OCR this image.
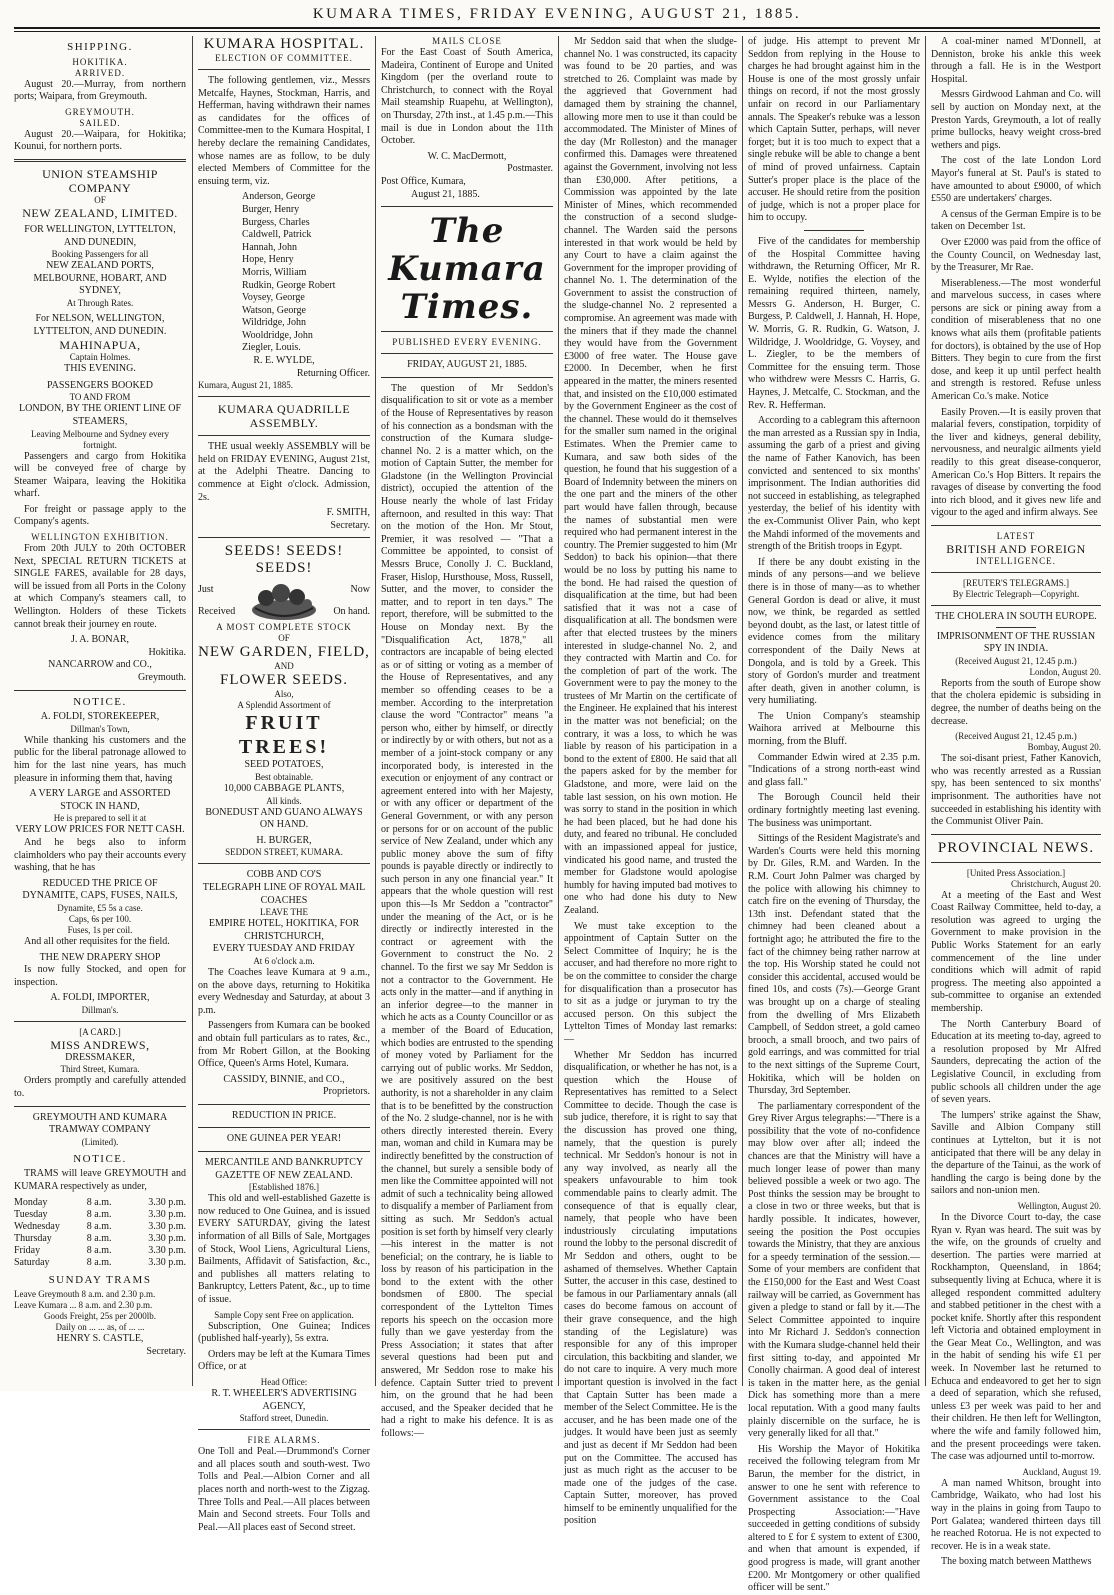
KUMARA TIMES, FRIDAY EVENING, AUGUST 21, 1885.
SHIPPING.
HOKITIKA.
ARRIVED.

August 20.—Murray, from northern ports; Waipara, from Greymouth.

GREYMOUTH.
SAILED.

August 20.—Waipara, for Hokitika; Kounui, for northern ports.

UNION STEAMSHIP COMPANY
OF
NEW ZEALAND, LIMITED.
FOR WELLINGTON, LYTTELTON, AND DUNEDIN,
Booking Passengers for all
NEW ZEALAND PORTS, MELBOURNE, HOBART, AND SYDNEY,
At Through Rates.
For NELSON, WELLINGTON, LYTTELTON, AND DUNEDIN.
MAHINAPUA,
Captain Holmes.
THIS EVENING.
PASSENGERS BOOKED
TO AND FROM
LONDON, BY THE ORIENT LINE OF STEAMERS,
Leaving Melbourne and Sydney every fortnight.

Passengers and cargo from Hokitika will be conveyed free of charge by Steamer Waipara, leaving the Hokitika wharf.

For freight or passage apply to the Company's agents.

WELLINGTON EXHIBITION.

From 20th JULY to 20th OCTOBER Next, SPECIAL RETURN TICKETS at SINGLE FARES, available for 28 days, will be issued from all Ports in the Colony at which Company's steamers call, to Wellington. Holders of these Tickets cannot break their journey en route.

J. A. BONAR,
Hokitika.
NANCARROW and CO.,
Greymouth.
NOTICE.
A. FOLDI, STOREKEEPER,
Dillman's Town,

While thanking his customers and the public for the liberal patronage allowed to him for the last nine years, has much pleasure in informing them that, having

A VERY LARGE and ASSORTED STOCK IN HAND,
He is prepared to sell it at
VERY LOW PRICES FOR NETT CASH.

And he begs also to inform claimholders who pay their accounts every washing, that he has

REDUCED THE PRICE OF DYNAMITE, CAPS, FUSES, NAILS,
Dynamite, £5 5s a case.
Caps, 6s per 100.
Fuses, 1s per coil.

And all other requisites for the field.

THE NEW DRAPERY SHOP

Is now fully Stocked, and open for inspection.

A. FOLDI, IMPORTER,
Dillman's.
[A CARD.]
MISS ANDREWS,
DRESSMAKER,
Third Street, Kumara.

Orders promptly and carefully attended to.

GREYMOUTH AND KUMARA TRAMWAY COMPANY
(Limited).
NOTICE.

TRAMS will leave GREYMOUTH and KUMARA respectively as under,

Monday	8 a.m.	3.30 p.m.
Tuesday	8 a.m.	3.30 p.m.
Wednesday	8 a.m.	3.30 p.m.
Thursday	8 a.m.	3.30 p.m.
Friday	8 a.m.	3.30 p.m.
Saturday	8 a.m.	3.30 p.m.
SUNDAY TRAMS
Leave Greymouth 8 a.m. and 2.30 p.m.
Leave Kumara ... 8 a.m. and 2.30 p.m.
Goods Freight, 25s per 2000lb.
Daily on ... ... as, of ... ...
HENRY S. CASTLE,
Secretary.
KUMARA HOSPITAL.
ELECTION OF COMMITTEE.

The following gentlemen, viz., Messrs Metcalfe, Haynes, Stockman, Harris, and Hefferman, having withdrawn their names as candidates for the offices of Committee-men to the Kumara Hospital, I hereby declare the remaining Candidates, whose names are as follow, to be duly elected Members of Committee for the ensuing term, viz.

Anderson, George
Burger, Henry
Burgess, Charles
Caldwell, Patrick
Hannah, John
Hope, Henry
Morris, William
Rudkin, George Robert
Voysey, George
Watson, George
Wildridge, John
Wooldridge, John
Ziegler, Louis.
R. E. WYLDE,
Returning Officer.
Kumara, August 21, 1885.
KUMARA QUADRILLE ASSEMBLY.

THE usual weekly ASSEMBLY will be held on FRIDAY EVENING, August 21st, at the Adelphi Theatre. Dancing to commence at Eight o'clock. Admission, 2s.

F. SMITH,
Secretary.
SEEDS! SEEDS! SEEDS!
Just
Received
Now
On hand.
A MOST COMPLETE STOCK
OF
NEW GARDEN, FIELD,
AND
FLOWER SEEDS.
Also,
A Splendid Assortment of
FRUIT TREES!
SEED POTATOES,
Best obtainable.
10,000 CABBAGE PLANTS,
All kinds.
BONEDUST AND GUANO ALWAYS ON HAND.
H. BURGER,
SEDDON STREET, KUMARA.
COBB AND CO'S
TELEGRAPH LINE OF ROYAL MAIL COACHES
LEAVE THE
EMPIRE HOTEL, HOKITIKA, FOR CHRISTCHURCH,
EVERY TUESDAY AND FRIDAY
At 6 o'clock a.m.

The Coaches leave Kumara at 9 a.m., on the above days, returning to Hokitika every Wednesday and Saturday, at about 3 p.m.

Passengers from Kumara can be booked and obtain full particulars as to rates, &c., from Mr Robert Gillon, at the Booking Office, Queen's Arms Hotel, Kumara.

CASSIDY, BINNIE, and CO.,
Proprietors.
REDUCTION IN PRICE.
ONE GUINEA PER YEAR!
MERCANTILE AND BANKRUPTCY GAZETTE OF NEW ZEALAND.
[Established 1876.]

This old and well-established Gazette is now reduced to One Guinea, and is issued EVERY SATURDAY, giving the latest information of all Bills of Sale, Mortgages of Stock, Wool Liens, Agricultural Liens, Bailments, Affidavit of Satisfaction, &c., and publishes all matters relating to Bankruptcy, Letters Patent, &c., up to time of issue.

Sample Copy sent Free on application.

Subscription, One Guinea; Indices (published half-yearly), 5s extra.

Orders may be left at the Kumara Times Office, or at

Head Office:
R. T. WHEELER'S ADVERTISING AGENCY,
Stafford street, Dunedin.
FIRE ALARMS.

One Toll and Peal.—Drummond's Corner and all places south and south-west. Two Tolls and Peal.—Albion Corner and all places north and north-west to the Zigzag. Three Tolls and Peal.—All places between Main and Second streets. Four Tolls and Peal.—All places east of Second street.

MAILS CLOSE

For the East Coast of South America, Madeira, Continent of Europe and United Kingdom (per the overland route to Christchurch, to connect with the Royal Mail steamship Ruapehu, at Wellington), on Thursday, 27th inst., at 1.45 p.m.—This mail is due in London about the 11th October.

W. C. MacDermott,
Postmaster.
Post Office, Kumara,
August 21, 1885.
The Kumara Times.
PUBLISHED EVERY EVENING.
FRIDAY, AUGUST 21, 1885.

The question of Mr Seddon's disqualification to sit or vote as a member of the House of Representatives by reason of his connection as a bondsman with the construction of the Kumara sludge-channel No. 2 is a matter which, on the motion of Captain Sutter, the member for Gladstone (in the Wellington Provincial district), occupied the attention of the House nearly the whole of last Friday afternoon, and resulted in this way: That on the motion of the Hon. Mr Stout, Premier, it was resolved — "That a Committee be appointed, to consist of Messrs Bruce, Conolly J. C. Buckland, Fraser, Hislop, Hursthouse, Moss, Russell, Sutter, and the mover, to consider the matter, and to report in ten days." The report, therefore, will be submitted to the House on Monday next. By the "Disqualification Act, 1878," all contractors are incapable of being elected as or of sitting or voting as a member of the House of Representatives, and any member so offending ceases to be a member. According to the interpretation clause the word "Contractor" means "a person who, either by himself, or directly or indirectly by or with others, but not as a member of a joint-stock company or any incorporated body, is interested in the execution or enjoyment of any contract or agreement entered into with her Majesty, or with any officer or department of the General Government, or with any person or persons for or on account of the public service of New Zealand, under which any public money above the sum of fifty pounds is payable directly or indirectly to such person in any one financial year." It appears that the whole question will rest upon this—Is Mr Seddon a "contractor" under the meaning of the Act, or is he directly or indirectly interested in the contract or agreement with the Government to construct the No. 2 channel. To the first we say Mr Seddon is not a contractor to the Government. He acts only in the matter—and if anything in an inferior degree—to the manner in which he acts as a County Councillor or as a member of the Board of Education, which bodies are entrusted to the spending of money voted by Parliament for the carrying out of public works. Mr Seddon, we are positively assured on the best authority, is not a shareholder in any claim that is to be benefitted by the construction of the No. 2 sludge-channel, nor is he with others directly interested therein. Every man, woman and child in Kumara may be indirectly benefitted by the construction of the channel, but surely a sensible body of men like the Committee appointed will not admit of such a technicality being allowed to disqualify a member of Parliament from sitting as such. Mr Seddon's actual position is set forth by himself very clearly—his interest in the matter is not beneficial; on the contrary, he is liable to loss by reason of his participation in the bond to the extent with the other bondsmen of £800. The special correspondent of the Lyttelton Times reports his speech on the occasion more fully than we gave yesterday from the Press Association; it states that after several questions had been put and answered, Mr Seddon rose to make his defence. Captain Sutter tried to prevent him, on the ground that he had been accused, and the Speaker decided that he had a right to make his defence. It is as follows:—

Mr Seddon said that when the sludge-channel No. 1 was constructed, its capacity was found to be 20 parties, and was stretched to 26. Complaint was made by the aggrieved that Government had damaged them by straining the channel, allowing more men to use it than could be accommodated. The Minister of Mines of the day (Mr Rolleston) and the manager confirmed this. Damages were threatened against the Government, involving not less than £30,000. After petitions, a Commission was appointed by the late Minister of Mines, which recommended the construction of a second sludge-channel. The Warden said the persons interested in that work would be held by any Court to have a claim against the Government for the improper providing of channel No. 1. The determination of the Government to assist the construction of the sludge-channel No. 2 represented a compromise. An agreement was made with the miners that if they made the channel they would have from the Government £3000 of free water. The House gave £2000. In December, when he first appeared in the matter, the miners resented that, and insisted on the £10,000 estimated by the Government Engineer as the cost of the channel. These would do it themselves for the smaller sum named in the original Estimates. When the Premier came to Kumara, and saw both sides of the question, he found that his suggestion of a Board of Indemnity between the miners on the one part and the miners of the other part would have fallen through, because the names of substantial men were required who had permanent interest in the country. The Premier suggested to him (Mr Seddon) to back his opinion—that there would be no loss by putting his name to the bond. He had raised the question of disqualification at the time, but had been satisfied that it was not a case of disqualification at all. The bondsmen were after that elected trustees by the miners interested in sludge-channel No. 2, and they contracted with Martin and Co. for the completion of part of the work. The Government were to pay the money to the trustees of Mr Martin on the certificate of the Engineer. He explained that his interest in the matter was not beneficial; on the contrary, it was a loss, to which he was liable by reason of his participation in a bond to the extent of £800. He said that all the papers asked for by the member for Gladstone, and more, were laid on the table last session, on his own motion. He was sorry to stand in the position in which he had been placed, but he had done his duty, and feared no tribunal. He concluded with an impassioned appeal for justice, vindicated his good name, and trusted the member for Gladstone would apologise humbly for having imputed bad motives to one who had done his duty to New Zealand.

We must take exception to the appointment of Captain Sutter on the Select Committee of Inquiry; he is the accuser, and had therefore no more right to be on the committee to consider the charge for disqualification than a prosecutor has to sit as a judge or juryman to try the accused person. On this subject the Lyttelton Times of Monday last remarks:—

Whether Mr Seddon has incurred disqualification, or whether he has not, is a question which the House of Representatives has remitted to a Select Committee to decide. Though the case is sub judice, therefore, it is right to say that the discussion has proved one thing, namely, that the question is purely technical. Mr Seddon's honour is not in any way involved, as nearly all the speakers unfavourable to him took commendable pains to clearly admit. The consequence of that is equally clear, namely, that people who have been industriously circulating imputations round the lobby to the personal discredit of Mr Seddon and others, ought to be ashamed of themselves. Whether Captain Sutter, the accuser in this case, destined to be famous in our Parliamentary annals (all cases do become famous on account of their grave consequence, and the high standing of the Legislature) was responsible for any of this improper circulation, this backbiting and slander, we do not care to inquire. A very much more important question is involved in the fact that Captain Sutter has been made a member of the Select Committee. He is the accuser, and he has been made one of the judges. It would have been just as seemly and just as decent if Mr Seddon had been put on the Committee. The accused has just as much right as the accuser to be made one of the judges of the case. Captain Sutter, moreover, has proved himself to be eminently unqualified for the position

of judge. His attempt to prevent Mr Seddon from replying in the House to charges he had brought against him in the House is one of the most grossly unfair things on record, if not the most grossly unfair on record in our Parliamentary annals. The Speaker's rebuke was a lesson which Captain Sutter, perhaps, will never forget; but it is too much to expect that a single rebuke will be able to change a bent of mind of proved unfairness. Captain Sutter's proper place is the place of the accuser. He should retire from the position of judge, which is not a proper place for him to occupy.

Five of the candidates for membership of the Hospital Committee having withdrawn, the Returning Officer, Mr R. E. Wylde, notifies the election of the remaining required thirteen, namely, Messrs G. Anderson, H. Burger, C. Burgess, P. Caldwell, J. Hannah, H. Hope, W. Morris, G. R. Rudkin, G. Watson, J. Wildridge, J. Wooldridge, G. Voysey, and L. Ziegler, to be the members of Committee for the ensuing term. Those who withdrew were Messrs C. Harris, G. Haynes, J. Metcalfe, C. Stockman, and the Rev. R. Hefferman.

According to a cablegram this afternoon the man arrested as a Russian spy in India, assuming the garb of a priest and giving the name of Father Kanovich, has been convicted and sentenced to six months' imprisonment. The Indian authorities did not succeed in establishing, as telegraphed yesterday, the belief of his identity with the ex-Communist Oliver Pain, who kept the Mahdi informed of the movements and strength of the British troops in Egypt.

If there be any doubt existing in the minds of any persons—and we believe there is in those of many—as to whether General Gordon is dead or alive, it must now, we think, be regarded as settled beyond doubt, as the last, or latest tittle of evidence comes from the military correspondent of the Daily News at Dongola, and is told by a Greek. This story of Gordon's murder and treatment after death, given in another column, is very humiliating.

The Union Company's steamship Waihora arrived at Melbourne this morning, from the Bluff.

Commander Edwin wired at 2.35 p.m. "Indications of a strong north-east wind and glass fall."

The Borough Council held their ordinary fortnightly meeting last evening. The business was unimportant.

Sittings of the Resident Magistrate's and Warden's Courts were held this morning by Dr. Giles, R.M. and Warden. In the R.M. Court John Palmer was charged by the police with allowing his chimney to catch fire on the evening of Thursday, the 13th inst. Defendant stated that the chimney had been cleaned about a fortnight ago; he attributed the fire to the fact of the chimney being rather narrow at the top. His Worship stated he could not consider this accidental, accused would be fined 10s, and costs (7s).—George Grant was brought up on a charge of stealing from the dwelling of Mrs Elizabeth Campbell, of Seddon street, a gold cameo brooch, a small brooch, and two pairs of gold earrings, and was committed for trial to the next sittings of the Supreme Court, Hokitika, which will be holden on Thursday, 3rd September.

The parliamentary correspondent of the Grey River Argus telegraphs:—"There is a possibility that the vote of no-confidence may blow over after all; indeed the chances are that the Ministry will have a much longer lease of power than many believed possible a week or two ago. The Post thinks the session may be brought to a close in two or three weeks, but that is hardly possible. It indicates, however, seeing the position the Post occupies towards the Ministry, that they are anxious for a speedy termination of the session.—Some of your members are confident that the £150,000 for the East and West Coast railway will be carried, as Government has given a pledge to stand or fall by it.—The Select Committee appointed to inquire into Mr Richard J. Seddon's connection with the Kumara sludge-channel held their first sitting to-day, and appointed Mr Conolly chairman. A good deal of interest is taken in the matter here, as the genial Dick has something more than a mere local reputation. With a good many faults plainly discernible on the surface, he is very generally liked for all that."

His Worship the Mayor of Hokitika received the following telegram from Mr Barun, the member for the district, in answer to one he sent with reference to Government assistance to the Coal Prospecting Association:—"Have succeeded in getting conditions of subsidy altered to £ for £ system to extent of £300, and when that amount is expended, if good progress is made, will grant another £200. Mr Montgomery or other qualified officer will be sent."

A coal-miner named M'Donnell, at Denniston, broke his ankle this week through a fall. He is in the Westport Hospital.

Messrs Girdwood Lahman and Co. will sell by auction on Monday next, at the Preston Yards, Greymouth, a lot of really prime bullocks, heavy weight cross-bred wethers and pigs.

The cost of the late London Lord Mayor's funeral at St. Paul's is stated to have amounted to about £9000, of which £550 are undertakers' charges.

A census of the German Empire is to be taken on December 1st.

Over £2000 was paid from the office of the County Council, on Wednesday last, by the Treasurer, Mr Rae.

Miserableness.—The most wonderful and marvelous success, in cases where persons are sick or pining away from a condition of miserableness that no one knows what ails them (profitable patients for doctors), is obtained by the use of Hop Bitters. They begin to cure from the first dose, and keep it up until perfect health and strength is restored. Refuse unless American Co.'s make. Notice

Easily Proven.—It is easily proven that malarial fevers, constipation, torpidity of the liver and kidneys, general debility, nervousness, and neuralgic ailments yield readily to this great disease-conqueror, American Co.'s Hop Bitters. It repairs the ravages of disease by converting the food into rich blood, and it gives new life and vigour to the aged and infirm always. See

LATEST
BRITISH AND FOREIGN
INTELLIGENCE.
[REUTER'S TELEGRAMS.]
By Electric Telegraph—Copyright.
THE CHOLERA IN SOUTH EUROPE.
IMPRISONMENT OF THE RUSSIAN SPY IN INDIA.
(Received August 21, 12.45 p.m.)
London, August 20.

Reports from the south of Europe show that the cholera epidemic is subsiding in degree, the number of deaths being on the decrease.

(Received August 21, 12.45 p.m.)
Bombay, August 20.

The soi-disant priest, Father Kanovich, who was recently arrested as a Russian spy, has been sentenced to six months' imprisonment. The authorities have not succeeded in establishing his identity with the Communist Oliver Pain.

PROVINCIAL NEWS.
[United Press Association.]
Christchurch, August 20.

At a meeting of the East and West Coast Railway Committee, held to-day, a resolution was agreed to urging the Government to make provision in the Public Works Statement for an early commencement of the line under conditions which will admit of rapid progress. The meeting also appointed a sub-committee to organise an extended membership.

The North Canterbury Board of Education at its meeting to-day, agreed to a resolution proposed by Mr Alfred Saunders, deprecating the action of the Legislative Council, in excluding from public schools all children under the age of seven years.

The lumpers' strike against the Shaw, Saville and Albion Company still continues at Lyttelton, but it is not anticipated that there will be any delay in the departure of the Tainui, as the work of handling the cargo is being done by the sailors and non-union men.

Wellington, August 20.

In the Divorce Court to-day, the case Ryan v. Ryan was heard. The suit was by the wife, on the grounds of cruelty and desertion. The parties were married at Rockhampton, Queensland, in 1864; subsequently living at Echuca, where it is alleged respondent committed adultery and stabbed petitioner in the chest with a pocket knife. Shortly after this respondent left Victoria and obtained employment in the Gear Meat Co., Wellington, and was in the habit of sending his wife £1 per week. In November last he returned to Echuca and endeavored to get her to sign a deed of separation, which she refused, unless £3 per week was paid to her and their children. He then left for Wellington, where the wife and family followed him, and the present proceedings were taken. The case was adjourned until to-morrow.

Auckland, August 19.

A man named Whitson, brought into Cambridge, Waikato, who had lost his way in the plains in going from Taupo to Port Galatea; wandered thirteen days till he reached Rotorua. He is not expected to recover. He is in a weak state.

The boxing match between Matthews
